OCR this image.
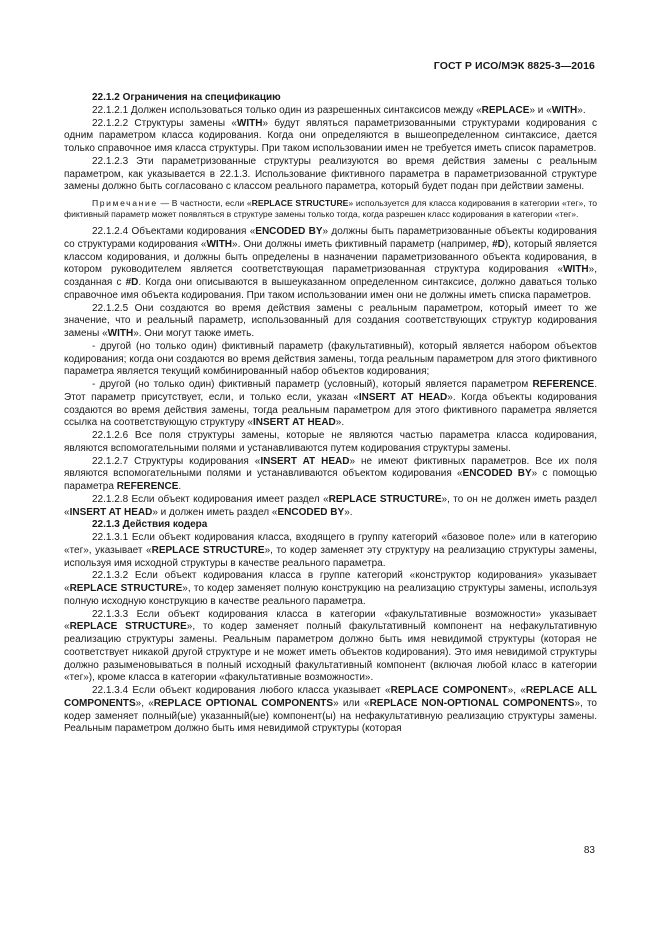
ГОСТ Р ИСО/МЭК 8825-3—2016

22.1.2 Ограничения на спецификацию

22.1.2.1 Должен использоваться только один из разрешенных синтаксисов между «REPLACE» и «WITH».

22.1.2.2 Структуры замены «WITH» будут являться параметризованными структурами кодирования с одним параметром класса кодирования. Когда они определяются в вышеопределенном синтаксисе, дается только справочное имя класса структуры. При таком использовании имен не требуется иметь список параметров.

22.1.2.3 Эти параметризованные структуры реализуются во время действия замены с реальным параметром, как указывается в 22.1.3. Использование фиктивного параметра в параметризованной структуре замены должно быть согласовано с классом реального параметра, который будет подан при действии замены.

Примечание — В частности, если «REPLACE STRUCTURE» используется для класса кодирования в категории «тег», то фиктивный параметр может появляться в структуре замены только тогда, когда разрешен класс кодирования в категории «тег».

22.1.2.4 Объектами кодирования «ENCODED BY» должны быть параметризованные объекты кодирования со структурами кодирования «WITH». Они должны иметь фиктивный параметр (например, #D), который является классом кодирования, и должны быть определены в назначении параметризованного объекта кодирования, в котором руководителем является соответствующая параметризованная структура кодирования «WITH», созданная с #D. Когда они описываются в вышеуказанном определенном синтаксисе, должно даваться только справочное имя объекта кодирования. При таком использовании имен они не должны иметь списка параметров.

22.1.2.5 Они создаются во время действия замены с реальным параметром, который имеет то же значение, что и реальный параметр, использованный для создания соответствующих структур кодирования замены «WITH». Они могут также иметь.

- другой (но только один) фиктивный параметр (факультативный), который является набором объектов кодирования; когда они создаются во время действия замены, тогда реальным параметром для этого фиктивного параметра является текущий комбинированный набор объектов кодирования;

- другой (но только один) фиктивный параметр (условный), который является параметром REFERENCE. Этот параметр присутствует, если, и только если, указан «INSERT AT HEAD». Когда объекты кодирования создаются во время действия замены, тогда реальным параметром для этого фиктивного параметра является ссылка на соответствующую структуру «INSERT AT HEAD».

22.1.2.6 Все поля структуры замены, которые не являются частью параметра класса кодирования, являются вспомогательными полями и устанавливаются путем кодирования структуры замены.

22.1.2.7 Структуры кодирования «INSERT AT HEAD» не имеют фиктивных параметров. Все их поля являются вспомогательными полями и устанавливаются объектом кодирования «ENCODED BY» с помощью параметра REFERENCE.

22.1.2.8 Если объект кодирования имеет раздел «REPLACE STRUCTURE», то он не должен иметь раздел «INSERT AT HEAD» и должен иметь раздел «ENCODED BY».

22.1.3 Действия кодера

22.1.3.1 Если объект кодирования класса, входящего в группу категорий «базовое поле» или в категорию «тег», указывает «REPLACE STRUCTURE», то кодер заменяет эту структуру на реализацию структуры замены, используя имя исходной структуры в качестве реального параметра.

22.1.3.2 Если объект кодирования класса в группе категорий «конструктор кодирования» указывает «REPLACE STRUCTURE», то кодер заменяет полную конструкцию на реализацию структуры замены, используя полную исходную конструкцию в качестве реального параметра.

22.1.3.3 Если объект кодирования класса в категории «факультативные возможности» указывает «REPLACE STRUCTURE», то кодер заменяет полный факультативный компонент на нефакультативную реализацию структуры замены. Реальным параметром должно быть имя невидимой структуры (которая не соответствует никакой другой структуре и не может иметь объектов кодирования). Это имя невидимой структуры должно разыменовываться в полный исходный факультативный компонент (включая любой класс в категории «тег»), кроме класса в категории «факультативные возможности».

22.1.3.4 Если объект кодирования любого класса указывает «REPLACE COMPONENT», «REPLACE ALL COMPONENTS», «REPLACE OPTIONAL COMPONENTS» или «REPLACE NON-OPTIONAL COMPONENTS», то кодер заменяет полный(ые) указанный(ые) компонент(ы) на нефакультативную реализацию структуры замены. Реальным параметром должно быть имя невидимой структуры (которая

83
